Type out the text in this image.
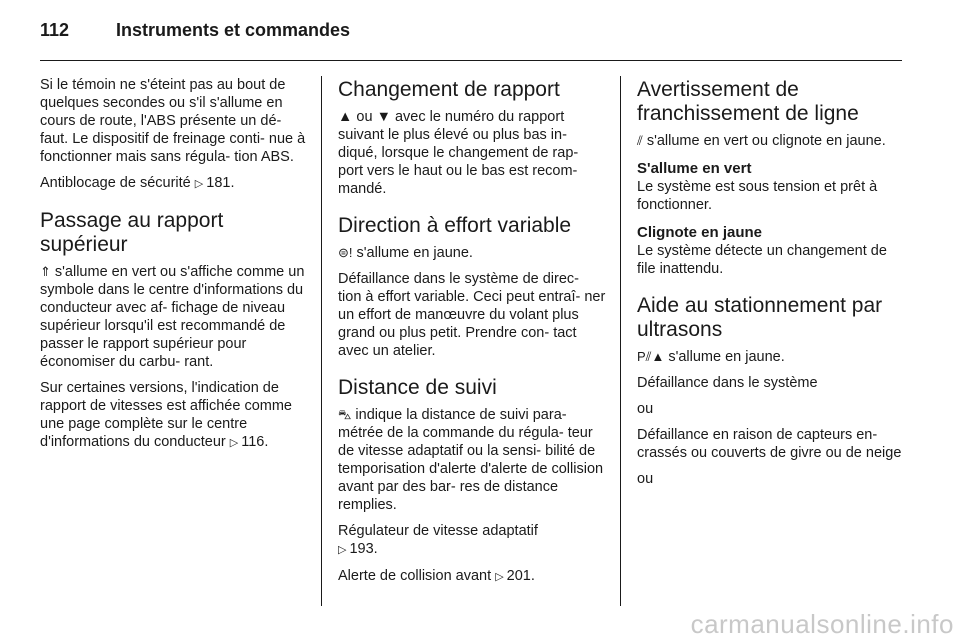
112	Instruments et commandes

Si le témoin ne s'éteint pas au bout de quelques secondes ou s'il s'allume en cours de route, l'ABS présente un dé- faut. Le dispositif de freinage conti- nue à fonctionner mais sans régula- tion ABS.

Antiblocage de sécurité ▷ 181.

Passage au rapport supérieur

⇑ s'allume en vert ou s'affiche comme un symbole dans le centre d'informations du conducteur avec af- fichage de niveau supérieur lorsqu'il est recommandé de passer le rapport supérieur pour économiser du carbu- rant.

Sur certaines versions, l'indication de rapport de vitesses est affichée comme une page complète sur le centre d'informations du conducteur ▷ 116.

Changement de rapport

▲ ou ▼ avec le numéro du rapport suivant le plus élevé ou plus bas in- diqué, lorsque le changement de rap- port vers le haut ou le bas est recom- mandé.

Direction à effort variable

⊜! s'allume en jaune.

Défaillance dans le système de direc- tion à effort variable. Ceci peut entraî- ner un effort de manœuvre du volant plus grand ou plus petit. Prendre con- tact avec un atelier.

Distance de suivi

⛍ indique la distance de suivi para- métrée de la commande du régula- teur de vitesse adaptatif ou la sensi- bilité de temporisation d'alerte d'alerte de collision avant par des bar- res de distance remplies.

Régulateur de vitesse adaptatif
▷ 193.

Alerte de collision avant ▷ 201.

Avertissement de franchissement de ligne

⫽ s'allume en vert ou clignote en jaune.

S'allume en vert

Le système est sous tension et prêt à fonctionner.

Clignote en jaune

Le système détecte un changement de file inattendu.

Aide au stationnement par ultrasons

P⫽▲ s'allume en jaune.

Défaillance dans le système

ou

Défaillance en raison de capteurs en- crassés ou couverts de givre ou de neige

ou

carmanualsonline.info
